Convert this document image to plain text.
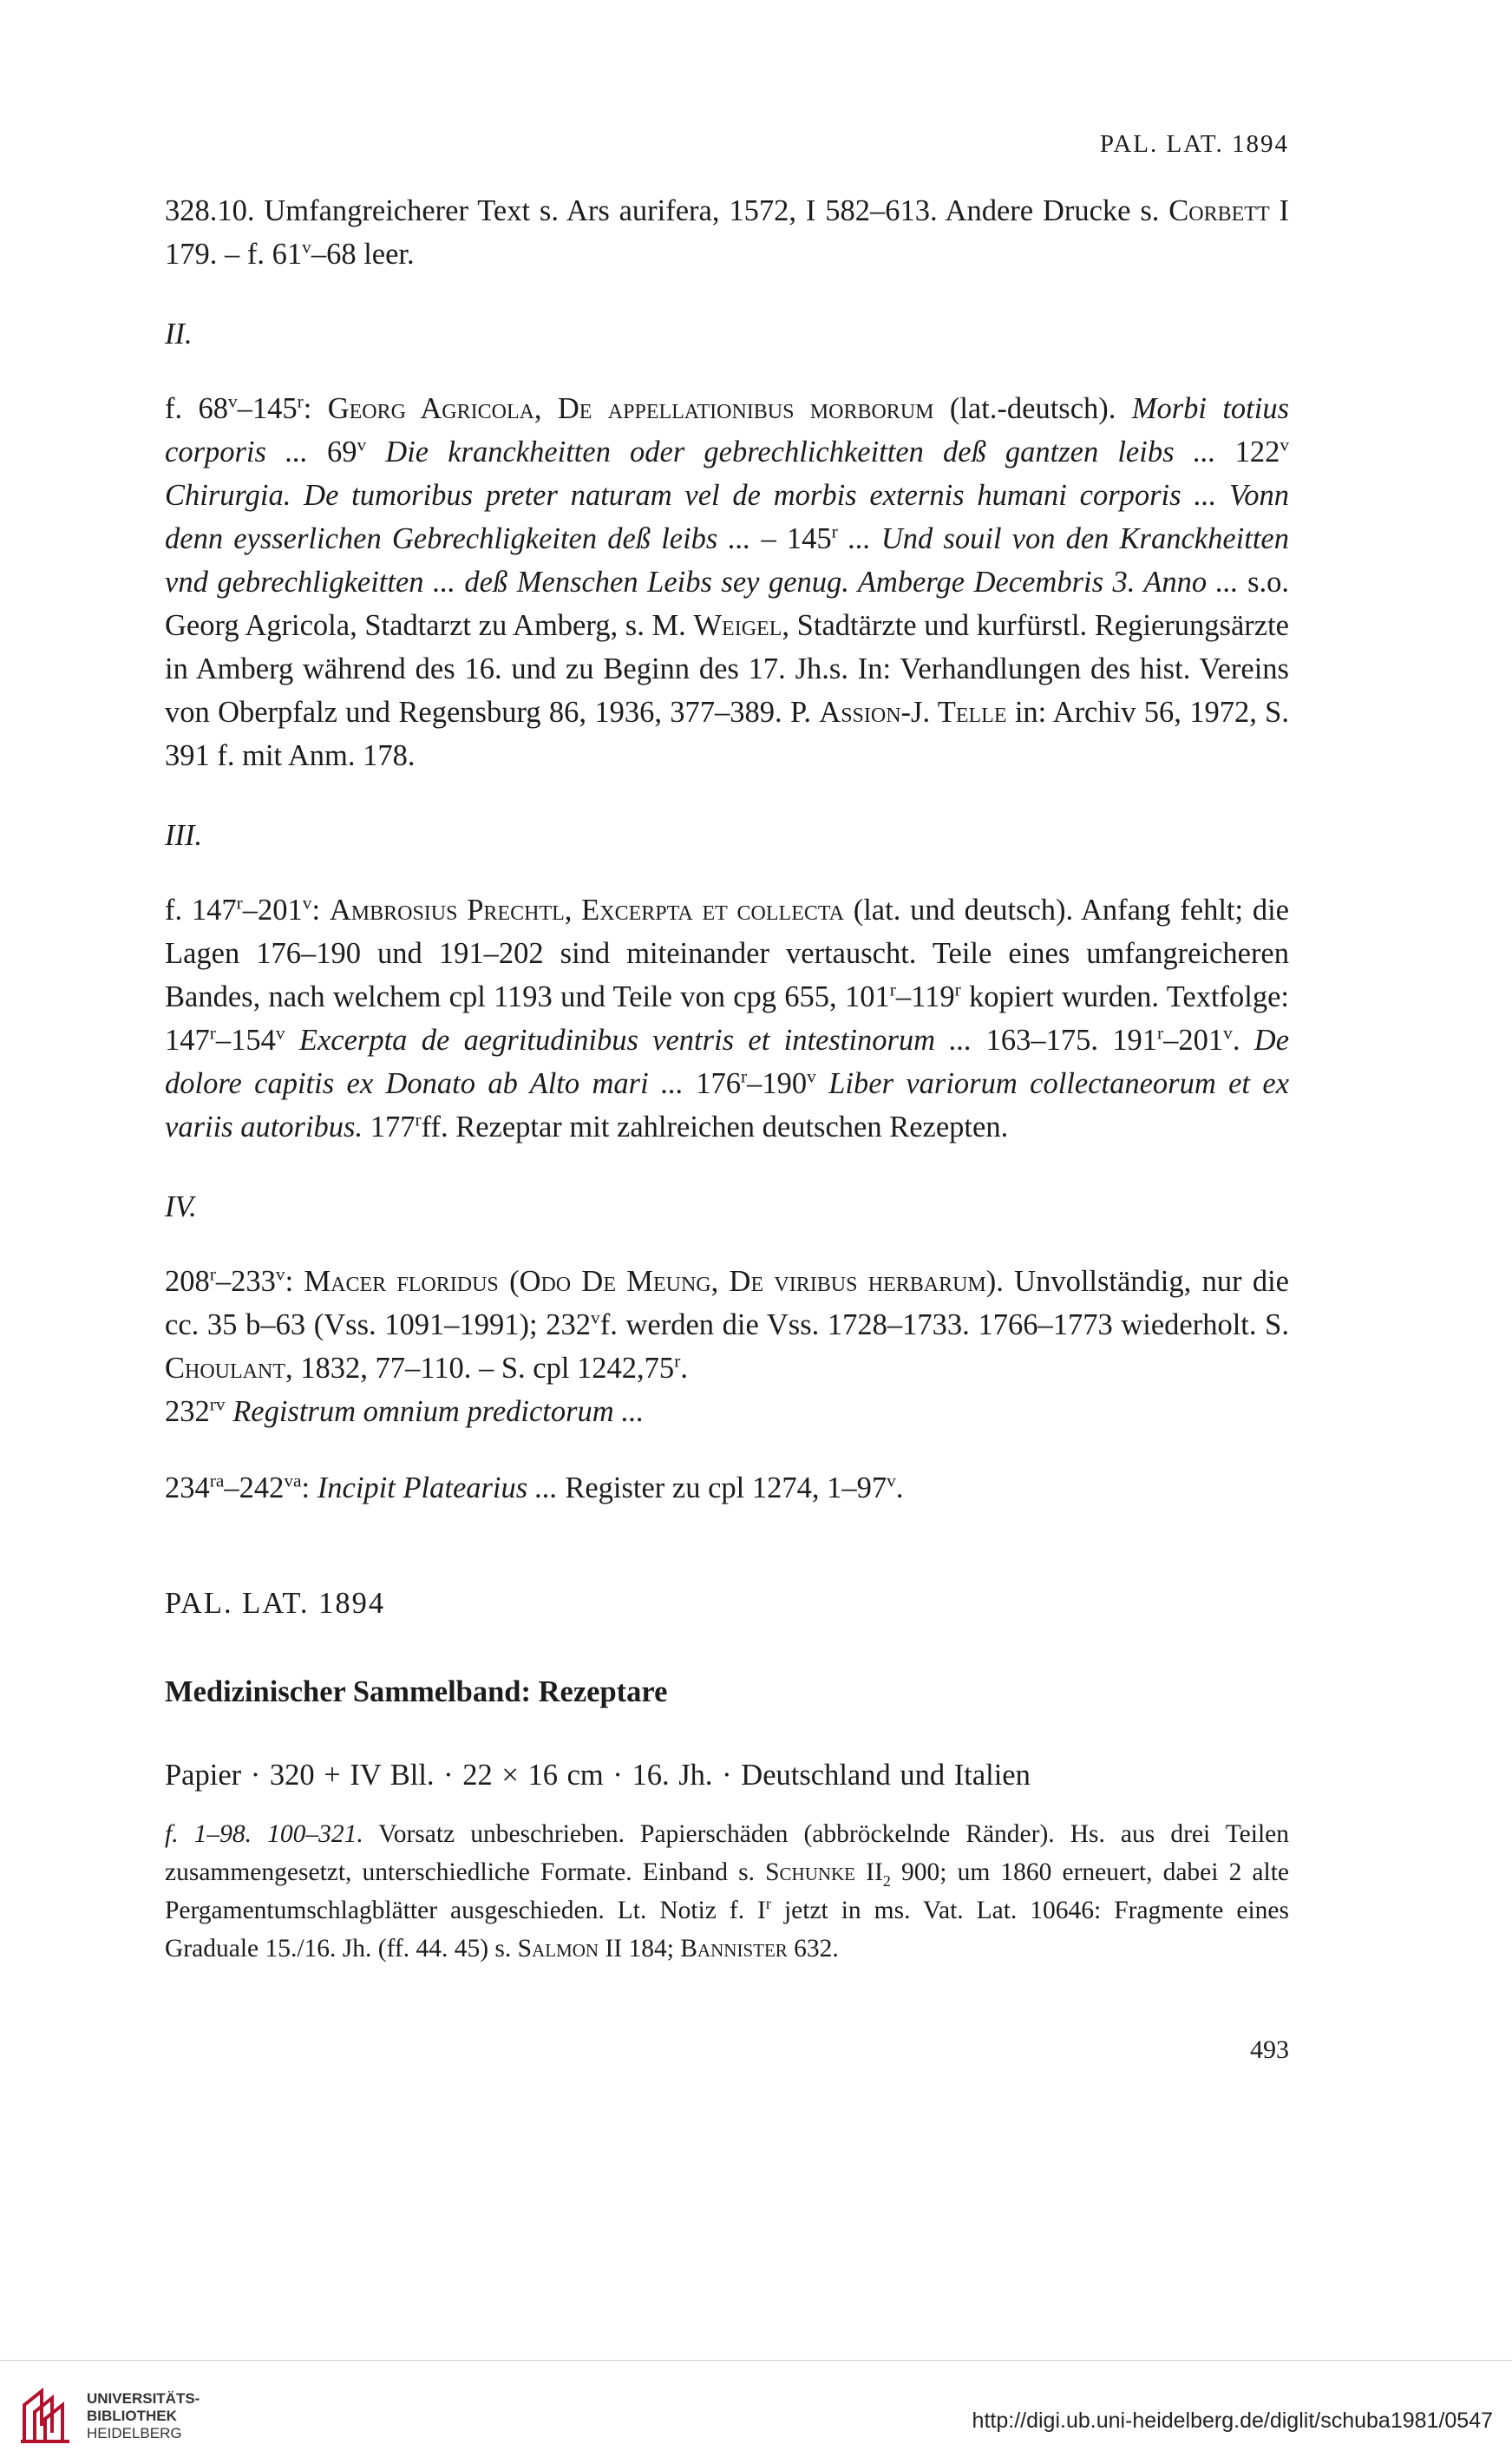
PAL. LAT. 1894

328.10. Umfangreicherer Text s. Ars aurifera, 1572, I 582–613. Andere Drucke s. Corbett I 179. – f. 61$^v$–68 leer.

II.

f. 68$^v$–145$^r$: Georg Agricola, De appellationibus morborum (lat.-deutsch). Morbi totius corporis ... 69$^v$ Die kranckheitten oder gebrechlichkeitten deß gantzen leibs ... 122$^v$ Chirurgia. De tumoribus preter naturam vel de morbis externis humani corporis ... Vonn denn eysserlichen Gebrechligkeiten deß leibs ... – 145$^r$ ... Und souil von den Kranckheitten vnd gebrechligkeitten ... deß Menschen Leibs sey genug. Amberge Decembris 3. Anno ... s.o. Georg Agricola, Stadtarzt zu Amberg, s. M. Weigel, Stadtärzte und kurfürstl. Regierungsärzte in Amberg während des 16. und zu Beginn des 17. Jh.s. In: Verhandlungen des hist. Vereins von Oberpfalz und Regensburg 86, 1936, 377–389. P. Assion-J. Telle in: Archiv 56, 1972, S. 391 f. mit Anm. 178.

III.

f. 147$^r$–201$^v$: Ambrosius Prechtl, Excerpta et collecta (lat. und deutsch). Anfang fehlt; die Lagen 176–190 und 191–202 sind miteinander vertauscht. Teile eines umfangreicheren Bandes, nach welchem cpl 1193 und Teile von cpg 655, 101$^r$–119$^r$ kopiert wurden. Textfolge: 147$^r$–154$^v$ Excerpta de aegritudinibus ventris et intestinorum ... 163–175. 191$^r$–201$^v$. De dolore capitis ex Donato ab Alto mari ... 176$^r$–190$^v$ Liber variorum collectaneorum et ex variis autoribus. 177$^r$ff. Rezeptar mit zahlreichen deutschen Rezepten.

IV.

208$^r$–233$^v$: Macer floridus (Odo De Meung, De viribus herbarum). Unvollständig, nur die cc. 35 b–63 (Vss. 1091–1991); 232$^v$f. werden die Vss. 1728–1733. 1766–1773 wiederholt. S. Choulant, 1832, 77–110. – S. cpl 1242,75$^r$.
$232^{rv}$ Registrum omnium predictorum ...

$234^{ra}-242^{va}$: Incipit Platearius ... Register zu cpl 1274, 1–97$^v$.

PAL. LAT. 1894
Medizinischer Sammelband: Rezeptare
Papier · 320 + IV Bll. · 22 × 16 cm · 16. Jh. · Deutschland und Italien
f. 1–98. 100–321. Vorsatz unbeschrieben. Papierschäden (abbröckelnde Ränder). Hs. aus drei Teilen zusammengesetzt, unterschiedliche Formate. Einband s. Schunke $II_2$ 900; um 1860 erneuert, dabei 2 alte Pergamentumschlagblätter ausgeschieden. Lt. Notiz f. $I^r$ jetzt in ms. Vat. Lat. 10646: Fragmente eines Graduale 15./16. Jh. (ff. 44. 45) s. Salmon II 184; Bannister 632.
493
UNIVERSITÄTS-
BIBLIOTHEK
HEIDELBERG
http://digi.ub.uni-heidelberg.de/diglit/schuba1981/0547
